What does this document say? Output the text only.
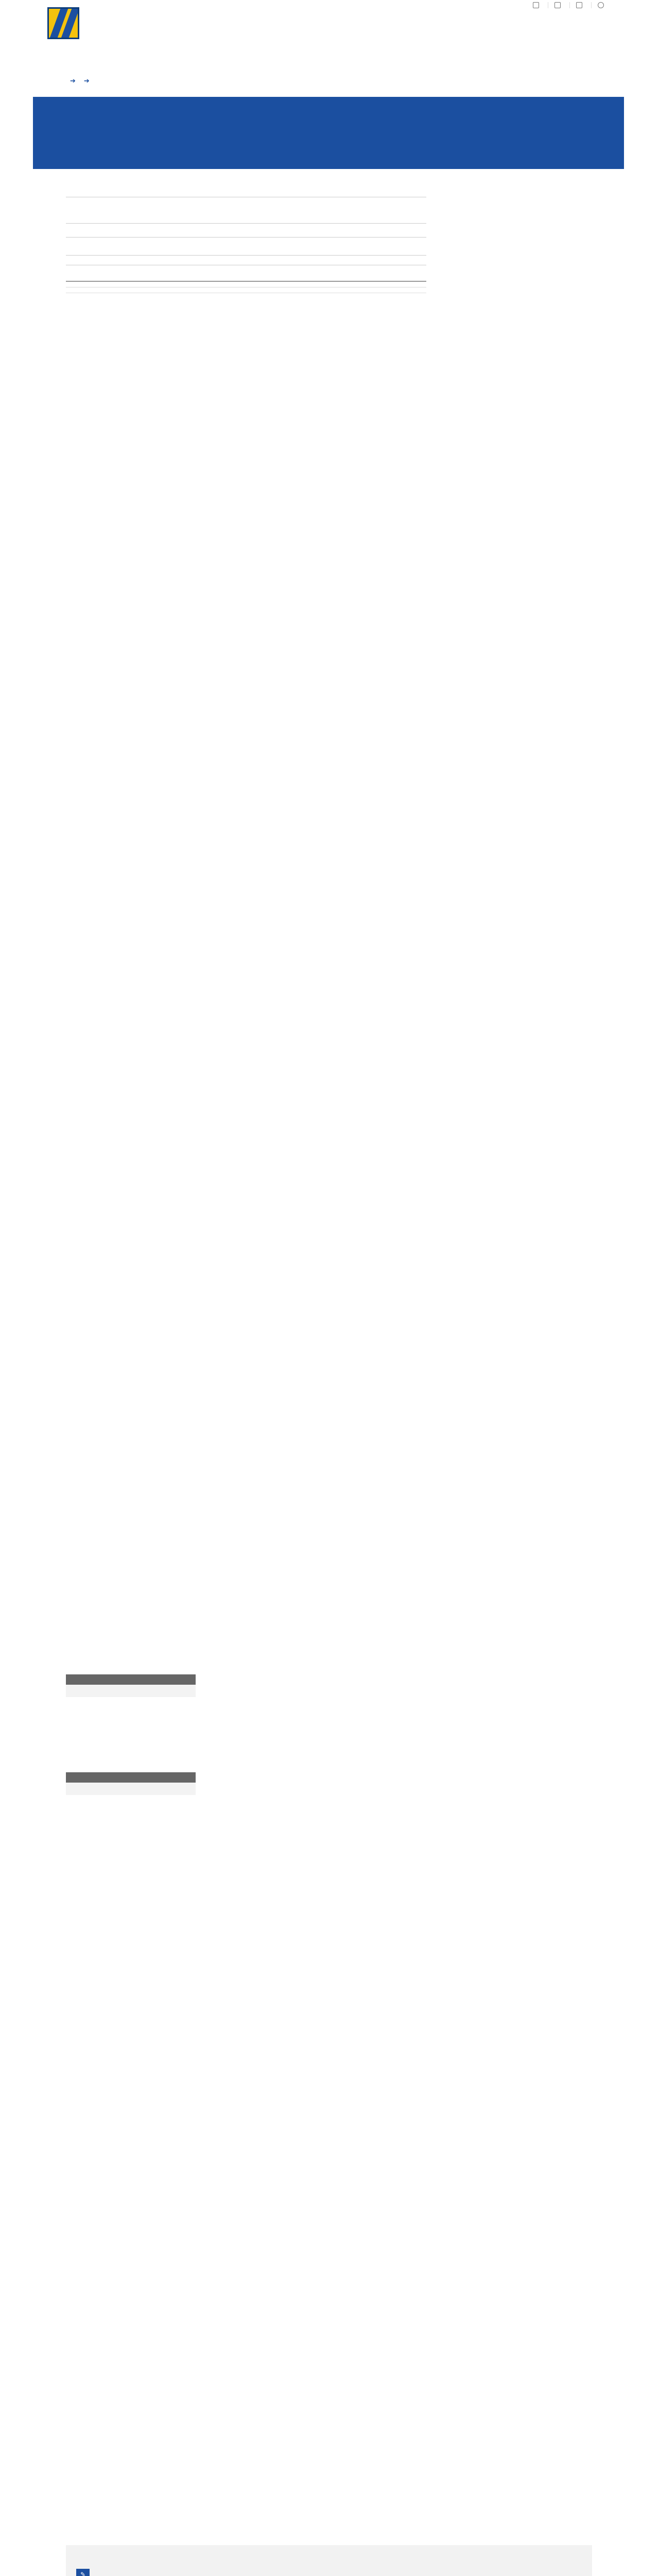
➔ ➔

✎
